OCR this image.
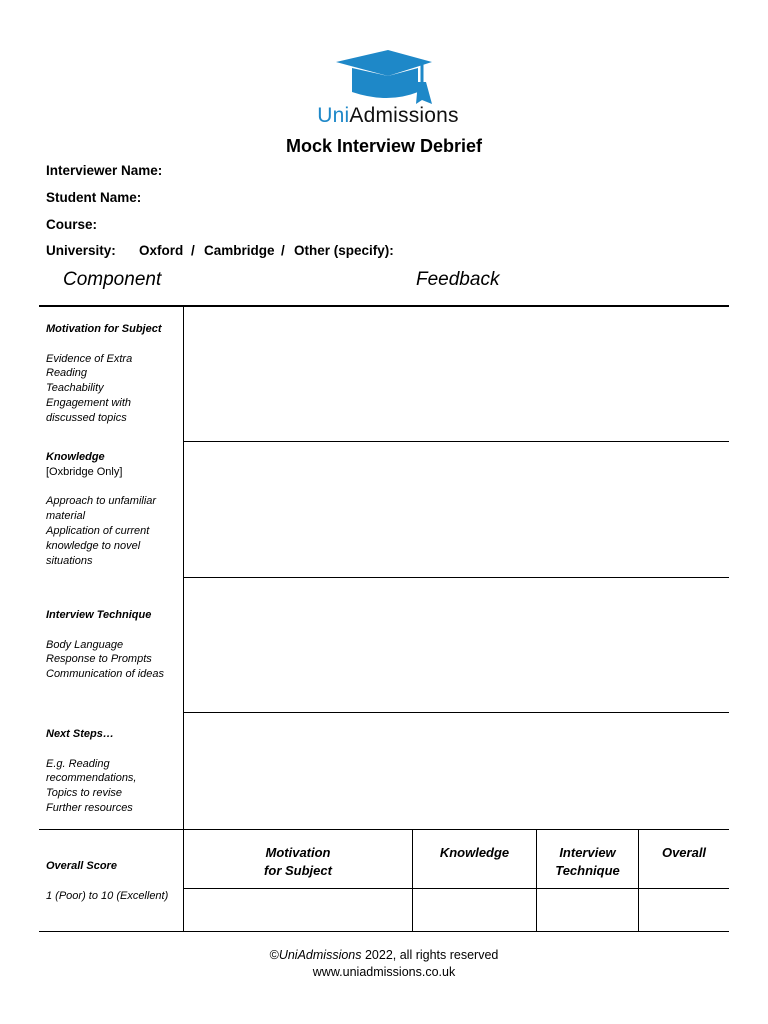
UniAdmissions
Mock Interview Debrief
Interviewer Name:
Student Name:
Course:
University: Oxford / Cambridge / Other (specify):
Component	Feedback
Motivation for Subject
Evidence of Extra
Reading
Teachability
Engagement with
discussed topics
Knowledge
[Oxbridge Only]
Approach to unfamiliar
material
Application of current
knowledge to novel
situations
Interview Technique
Body Language
Response to Prompts
Communication of ideas
Next Steps…
E.g. Reading
recommendations,
Topics to revise
Further resources
Overall Score
1 (Poor) to 10 (Excellent)
Motivation
for Subject
Knowledge	Interview
Technique
Overall
©UniAdmissions 2022, all rights reserved
www.uniadmissions.co.uk
